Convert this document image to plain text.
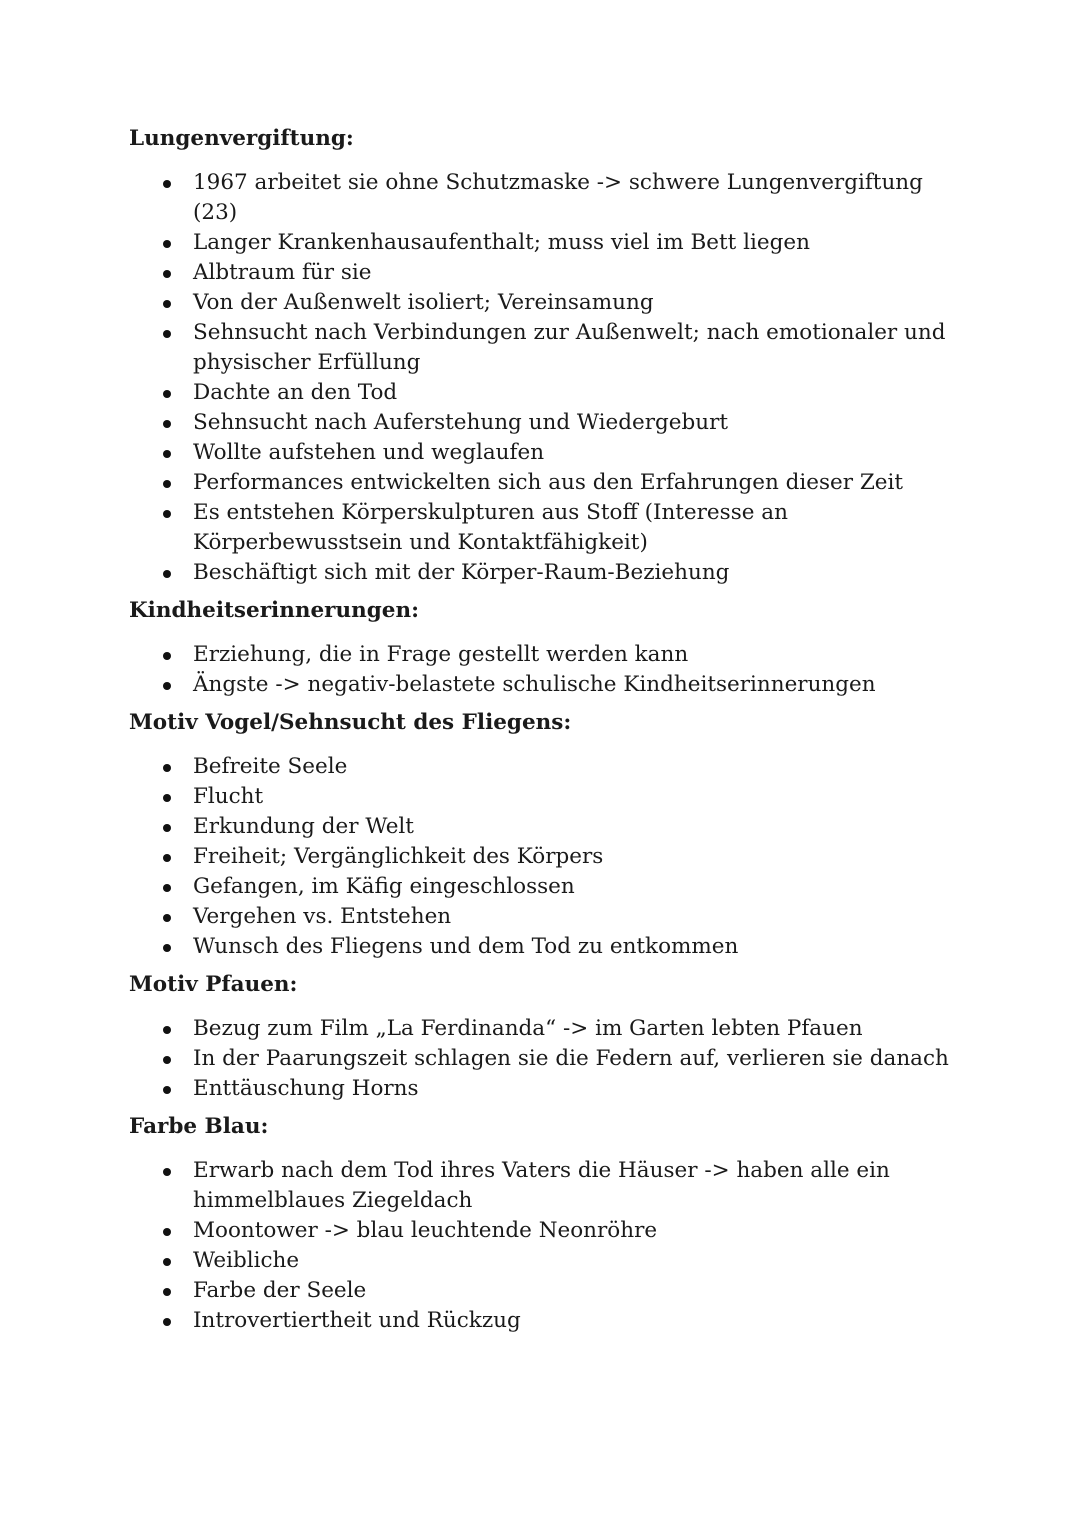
Lungenvergiftung:
1967 arbeitet sie ohne Schutzmaske -> schwere Lungenvergiftung (23)
Langer Krankenhausaufenthalt; muss viel im Bett liegen
Albtraum für sie
Von der Außenwelt isoliert; Vereinsamung
Sehnsucht nach Verbindungen zur Außenwelt; nach emotionaler und physischer Erfüllung
Dachte an den Tod
Sehnsucht nach Auferstehung und Wiedergeburt
Wollte aufstehen und weglaufen
Performances entwickelten sich aus den Erfahrungen dieser Zeit
Es entstehen Körperskulpturen aus Stoff (Interesse an Körperbewusstsein und Kontaktfähigkeit)
Beschäftigt sich mit der Körper-Raum-Beziehung
Kindheitserinnerungen:
Erziehung, die in Frage gestellt werden kann
Ängste -> negativ-belastete schulische Kindheitserinnerungen
Motiv Vogel/Sehnsucht des Fliegens:
Befreite Seele
Flucht
Erkundung der Welt
Freiheit; Vergänglichkeit des Körpers
Gefangen, im Käfig eingeschlossen
Vergehen vs. Entstehen
Wunsch des Fliegens und dem Tod zu entkommen
Motiv Pfauen:
Bezug zum Film „La Ferdinanda“ -> im Garten lebten Pfauen
In der Paarungszeit schlagen sie die Federn auf, verlieren sie danach
Enttäuschung Horns
Farbe Blau:
Erwarb nach dem Tod ihres Vaters die Häuser -> haben alle ein himmelblaues Ziegeldach
Moontower -> blau leuchtende Neonröhre
Weibliche
Farbe der Seele
Introvertiertheit und Rückzug
